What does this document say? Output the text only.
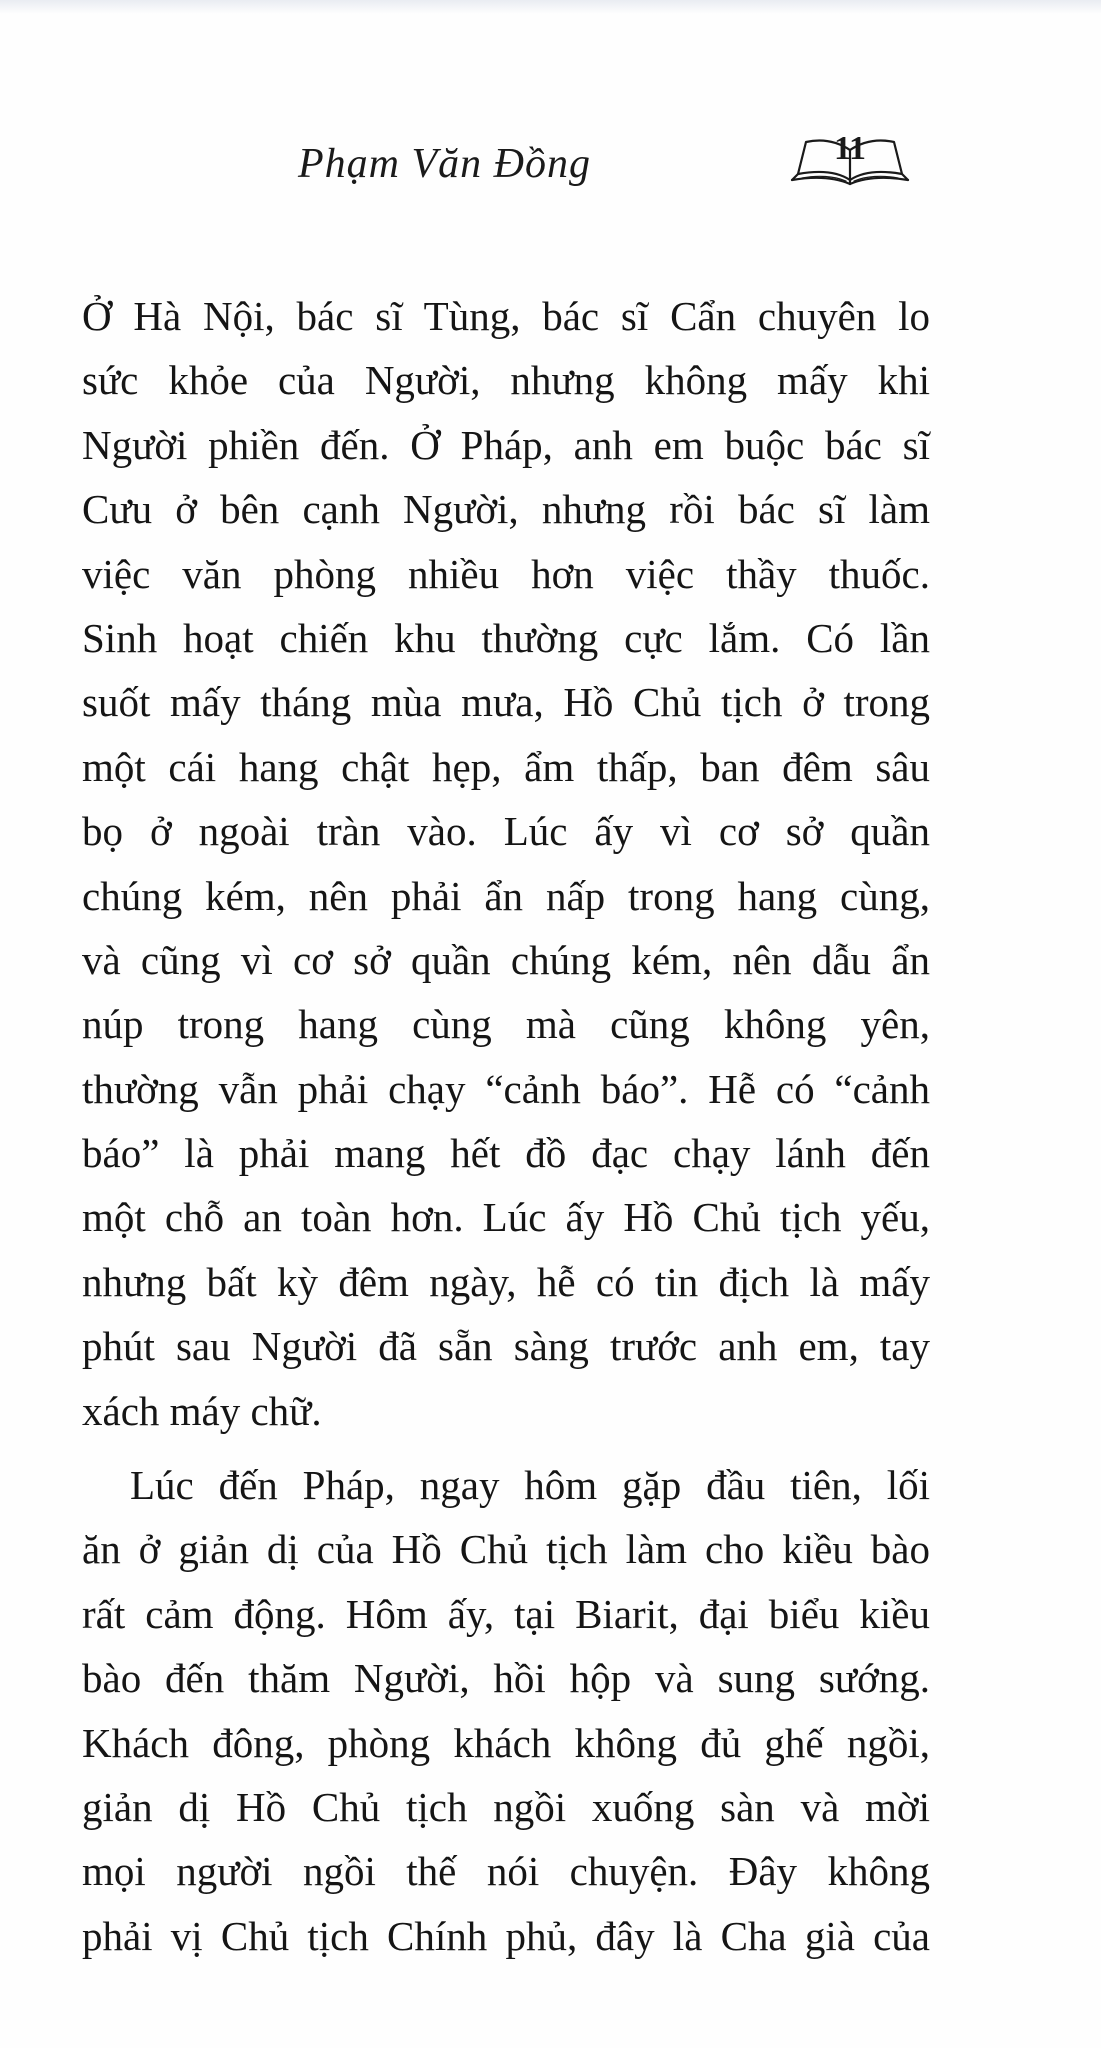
Phạm Văn Đồng	11
Ở Hà Nội, bác sĩ Tùng, bác sĩ Cẩn chuyên lo
sức khỏe của Người, nhưng không mấy khi
Người phiền đến. Ở Pháp, anh em buộc bác sĩ
Cưu ở bên cạnh Người, nhưng rồi bác sĩ làm
việc văn phòng nhiều hơn việc thầy thuốc.
Sinh hoạt chiến khu thường cực lắm. Có lần
suốt mấy tháng mùa mưa, Hồ Chủ tịch ở trong
một cái hang chật hẹp, ẩm thấp, ban đêm sâu
bọ ở ngoài tràn vào. Lúc ấy vì cơ sở quần
chúng kém, nên phải ẩn nấp trong hang cùng,
và cũng vì cơ sở quần chúng kém, nên dẫu ẩn
núp trong hang cùng mà cũng không yên,
thường vẫn phải chạy “cảnh báo”. Hễ có “cảnh
báo” là phải mang hết đồ đạc chạy lánh đến
một chỗ an toàn hơn. Lúc ấy Hồ Chủ tịch yếu,
nhưng bất kỳ đêm ngày, hễ có tin địch là mấy
phút sau Người đã sẵn sàng trước anh em, tay
xách máy chữ.
Lúc đến Pháp, ngay hôm gặp đầu tiên, lối
ăn ở giản dị của Hồ Chủ tịch làm cho kiều bào
rất cảm động. Hôm ấy, tại Biarit, đại biểu kiều
bào đến thăm Người, hồi hộp và sung sướng.
Khách đông, phòng khách không đủ ghế ngồi,
giản dị Hồ Chủ tịch ngồi xuống sàn và mời
mọi người ngồi thế nói chuyện. Đây không
phải vị Chủ tịch Chính phủ, đây là Cha già của
